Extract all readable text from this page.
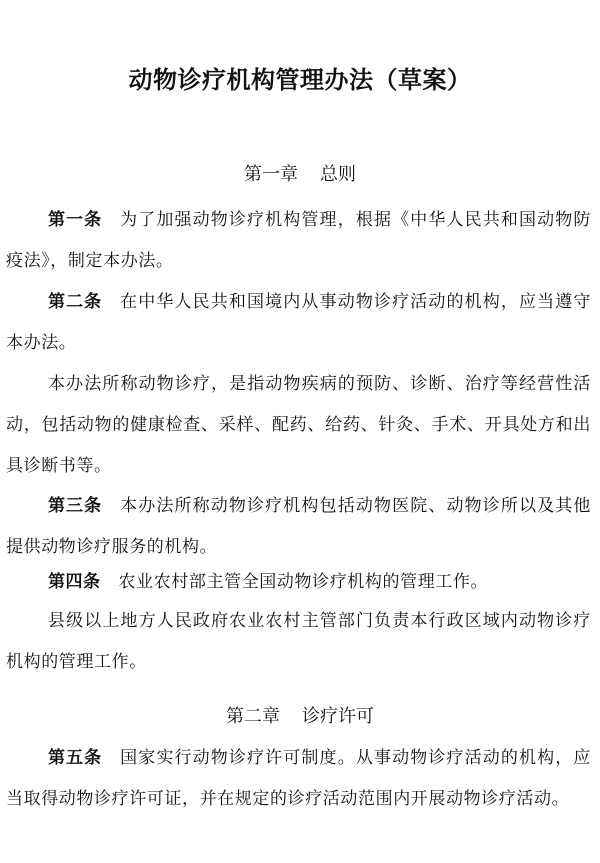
动物诊疗机构管理办法（草案）
第一章 总则

第一条 为了加强动物诊疗机构管理，根据《中华人民共和国动物防疫法》，制定本办法。

第二条 在中华人民共和国境内从事动物诊疗活动的机构，应当遵守本办法。

本办法所称动物诊疗，是指动物疾病的预防、诊断、治疗等经营性活动，包括动物的健康检查、采样、配药、给药、针灸、手术、开具处方和出具诊断书等。

第三条 本办法所称动物诊疗机构包括动物医院、动物诊所以及其他提供动物诊疗服务的机构。

第四条 农业农村部主管全国动物诊疗机构的管理工作。

县级以上地方人民政府农业农村主管部门负责本行政区域内动物诊疗机构的管理工作。

第二章 诊疗许可

第五条 国家实行动物诊疗许可制度。从事动物诊疗活动的机构，应当取得动物诊疗许可证，并在规定的诊疗活动范围内开展动物诊疗活动。
